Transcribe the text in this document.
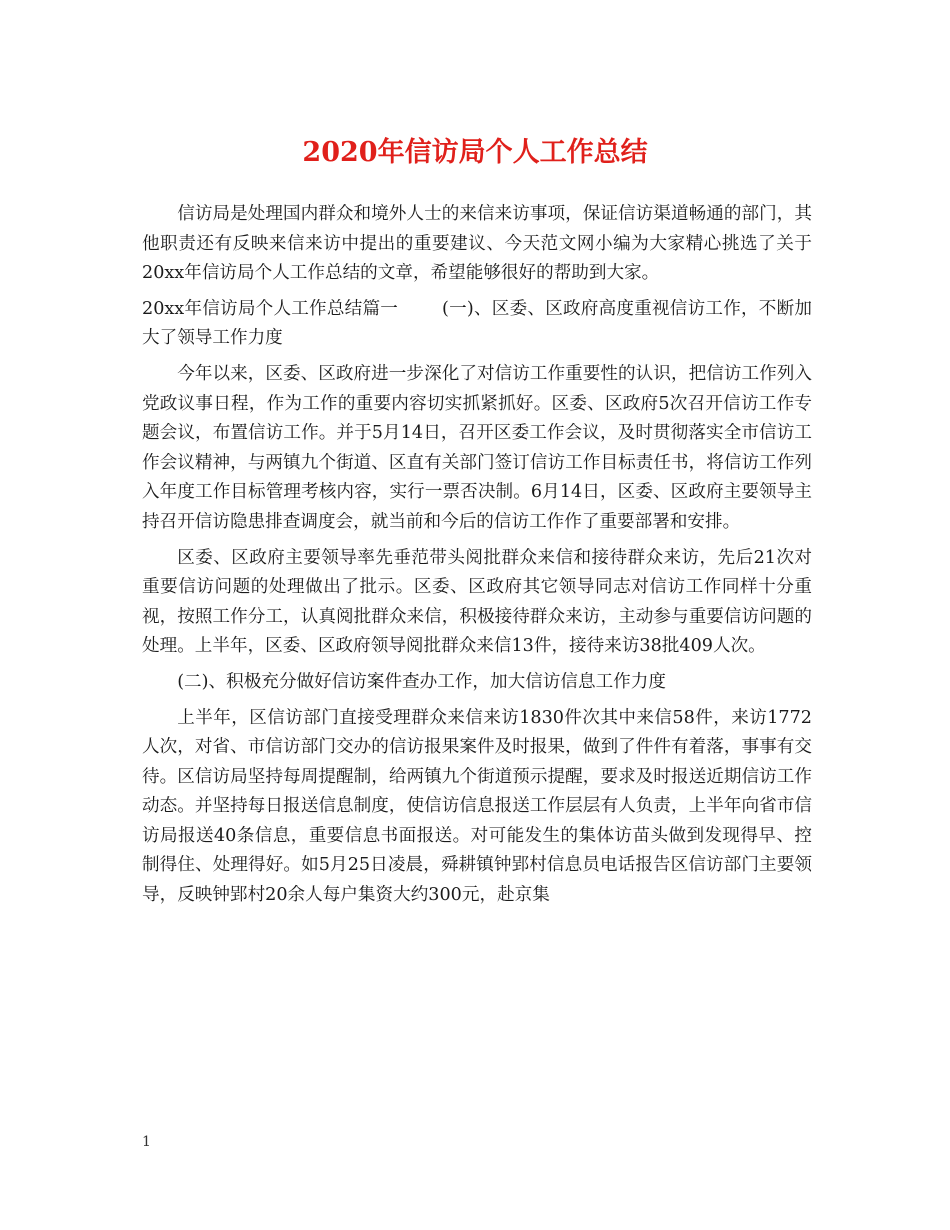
2020年信访局个人工作总结

信访局是处理国内群众和境外人士的来信来访事项，保证信访渠道畅通的部门，其他职责还有反映来信来访中提出的重要建议、今天范文网小编为大家精心挑选了关于20xx年信访局个人工作总结的文章，希望能够很好的帮助到大家。

20xx年信访局个人工作总结篇一	(一)、区委、区政府高度重视信访工作，不断加大了领导工作力度

今年以来，区委、区政府进一步深化了对信访工作重要性的认识，把信访工作列入党政议事日程，作为工作的重要内容切实抓紧抓好。区委、区政府5次召开信访工作专题会议，布置信访工作。并于5月14日，召开区委工作会议，及时贯彻落实全市信访工作会议精神，与两镇九个街道、区直有关部门签订信访工作目标责任书，将信访工作列入年度工作目标管理考核内容，实行一票否决制。6月14日，区委、区政府主要领导主持召开信访隐患排查调度会，就当前和今后的信访工作作了重要部署和安排。

区委、区政府主要领导率先垂范带头阅批群众来信和接待群众来访，先后21次对重要信访问题的处理做出了批示。区委、区政府其它领导同志对信访工作同样十分重视，按照工作分工，认真阅批群众来信，积极接待群众来访，主动参与重要信访问题的处理。上半年，区委、区政府领导阅批群众来信13件，接待来访38批409人次。

(二)、积极充分做好信访案件查办工作，加大信访信息工作力度

上半年，区信访部门直接受理群众来信来访1830件次其中来信58件，来访1772人次，对省、市信访部门交办的信访报果案件及时报果，做到了件件有着落，事事有交待。区信访局坚持每周提醒制，给两镇九个街道预示提醒，要求及时报送近期信访工作动态。并坚持每日报送信息制度，使信访信息报送工作层层有人负责，上半年向省市信访局报送40条信息，重要信息书面报送。对可能发生的集体访苗头做到发现得早、控制得住、处理得好。如5月25日凌晨，舜耕镇钟郢村信息员电话报告区信访部门主要领导，反映钟郢村20余人每户集资大约300元，赴京集

1
